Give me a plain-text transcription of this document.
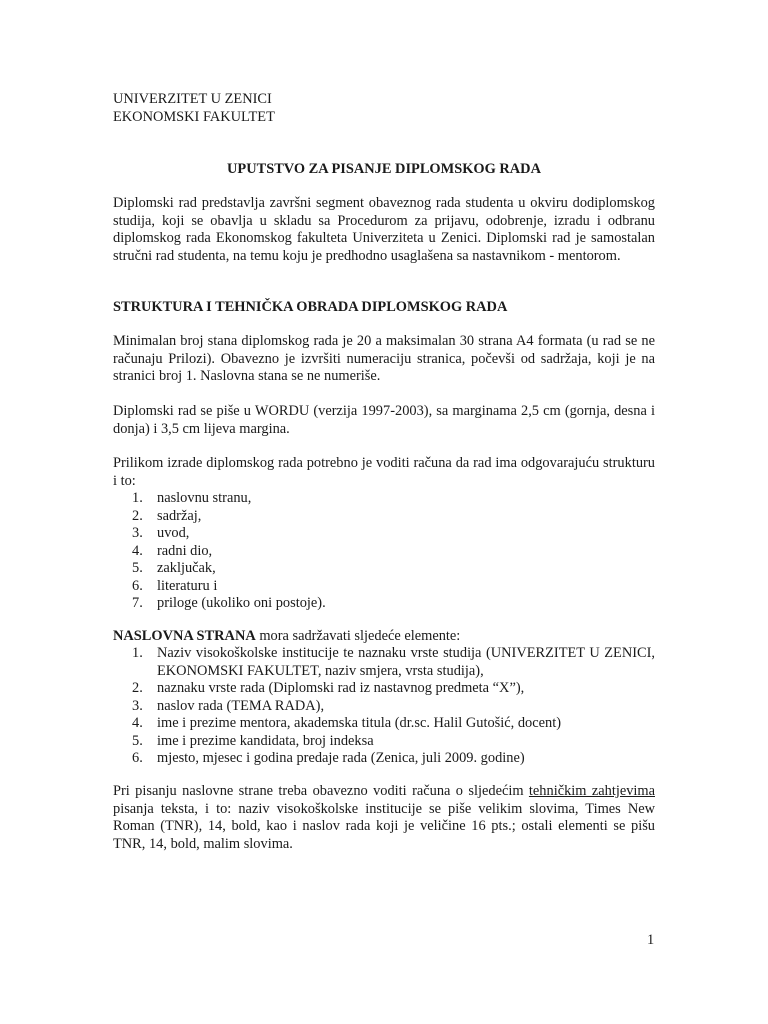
UNIVERZITET U ZENICI
EKONOMSKI FAKULTET
UPUTSTVO ZA PISANJE DIPLOMSKOG RADA
Diplomski rad predstavlja završni segment obaveznog rada studenta u okviru dodiplomskog studija, koji se obavlja u skladu sa Procedurom za prijavu, odobrenje, izradu i odbranu diplomskog rada Ekonomskog fakulteta Univerziteta u Zenici. Diplomski rad je samostalan stručni rad studenta, na temu koju je predhodno usaglašena sa nastavnikom - mentorom.
STRUKTURA I TEHNIČKA OBRADA DIPLOMSKOG RADA
Minimalan broj stana diplomskog rada je 20 a maksimalan 30 strana A4 formata (u rad se ne računaju Prilozi). Obavezno je izvršiti numeraciju stranica, počevši od sadržaja, koji je na stranici broj 1. Naslovna stana se ne numeriše.
Diplomski rad se piše u WORDU (verzija 1997-2003), sa marginama 2,5 cm (gornja, desna i donja) i 3,5 cm lijeva margina.
Prilikom izrade diplomskog rada potrebno je voditi računa da rad ima odgovarajuću strukturu i to:
1. naslovnu stranu,
2. sadržaj,
3. uvod,
4. radni dio,
5. zaključak,
6. literaturu i
7. priloge (ukoliko oni postoje).
NASLOVNA STRANA mora sadržavati sljedeće elemente:
1. Naziv visokoškolske institucije te naznaku vrste studija (UNIVERZITET U ZENICI, EKONOMSKI FAKULTET, naziv smjera, vrsta studija),
2. naznaku vrste rada (Diplomski rad iz nastavnog predmeta “X”),
3. naslov rada (TEMA RADA),
4. ime i prezime mentora, akademska titula (dr.sc. Halil Gutošić, docent)
5. ime i prezime kandidata, broj indeksa
6. mjesto, mjesec i godina predaje rada (Zenica, juli 2009. godine)
Pri pisanju naslovne strane treba obavezno voditi računa o sljedećim tehničkim zahtjevima pisanja teksta, i to: naziv visokoškolske institucije se piše velikim slovima, Times New Roman (TNR), 14, bold, kao i naslov rada koji je veličine 16 pts.; ostali elementi se pišu TNR, 14, bold, malim slovima.
1
